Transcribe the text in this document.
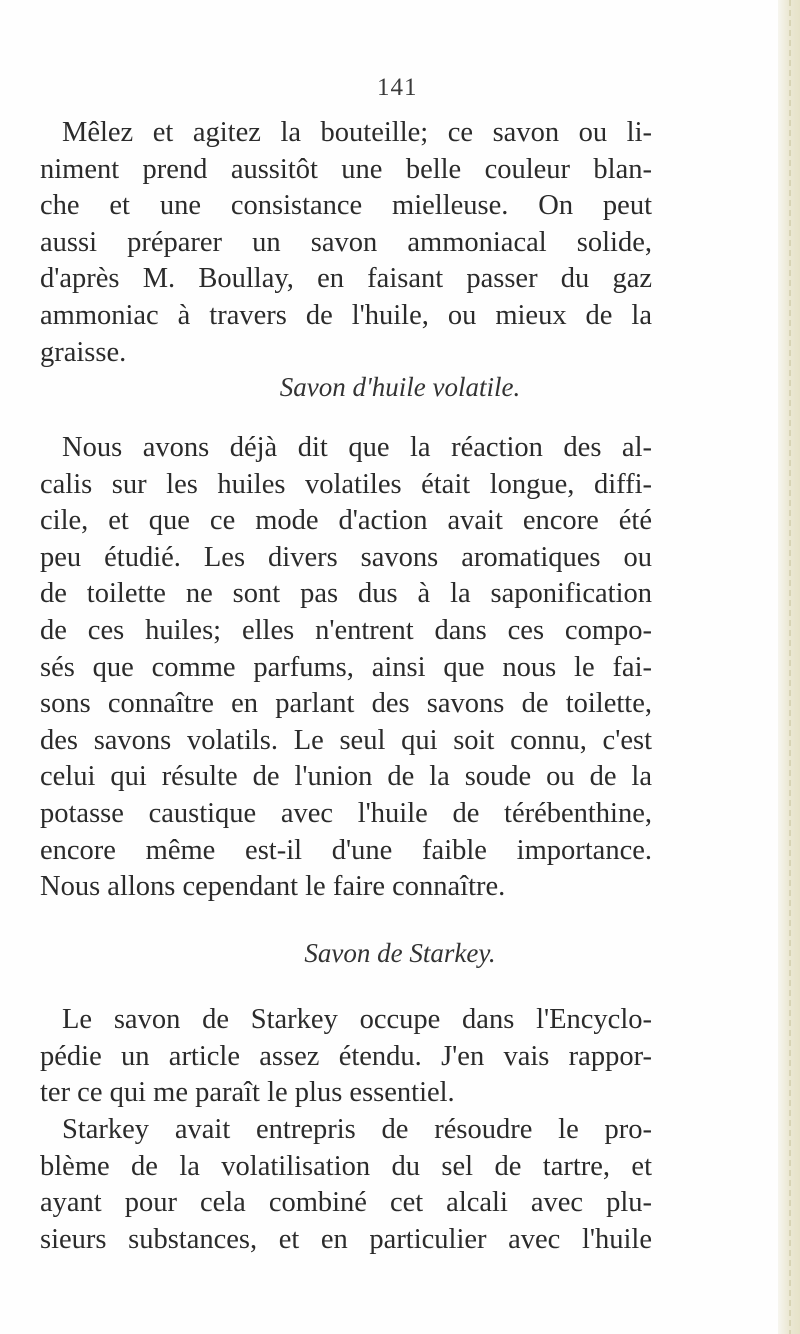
141
Mêlez et agitez la bouteille; ce savon ou li-
niment prend aussitôt une belle couleur blan-
che et une consistance mielleuse. On peut
aussi préparer un savon ammoniacal solide,
d'après M. Boullay, en faisant passer du gaz
ammoniac à travers de l'huile, ou mieux de la
graisse.
Savon d'huile volatile.
Nous avons déjà dit que la réaction des al-
calis sur les huiles volatiles était longue, diffi-
cile, et que ce mode d'action avait encore été
peu étudié. Les divers savons aromatiques ou
de toilette ne sont pas dus à la saponification
de ces huiles; elles n'entrent dans ces compo-
sés que comme parfums, ainsi que nous le fai-
sons connaître en parlant des savons de toilette,
des savons volatils. Le seul qui soit connu, c'est
celui qui résulte de l'union de la soude ou de la
potasse caustique avec l'huile de térébenthine,
encore même est-il d'une faible importance.
Nous allons cependant le faire connaître.
Savon de Starkey.
Le savon de Starkey occupe dans l'Encyclo-
pédie un article assez étendu. J'en vais rappor-
ter ce qui me paraît le plus essentiel.
Starkey avait entrepris de résoudre le pro-
blème de la volatilisation du sel de tartre, et
ayant pour cela combiné cet alcali avec plu-
sieurs substances, et en particulier avec l'huile
